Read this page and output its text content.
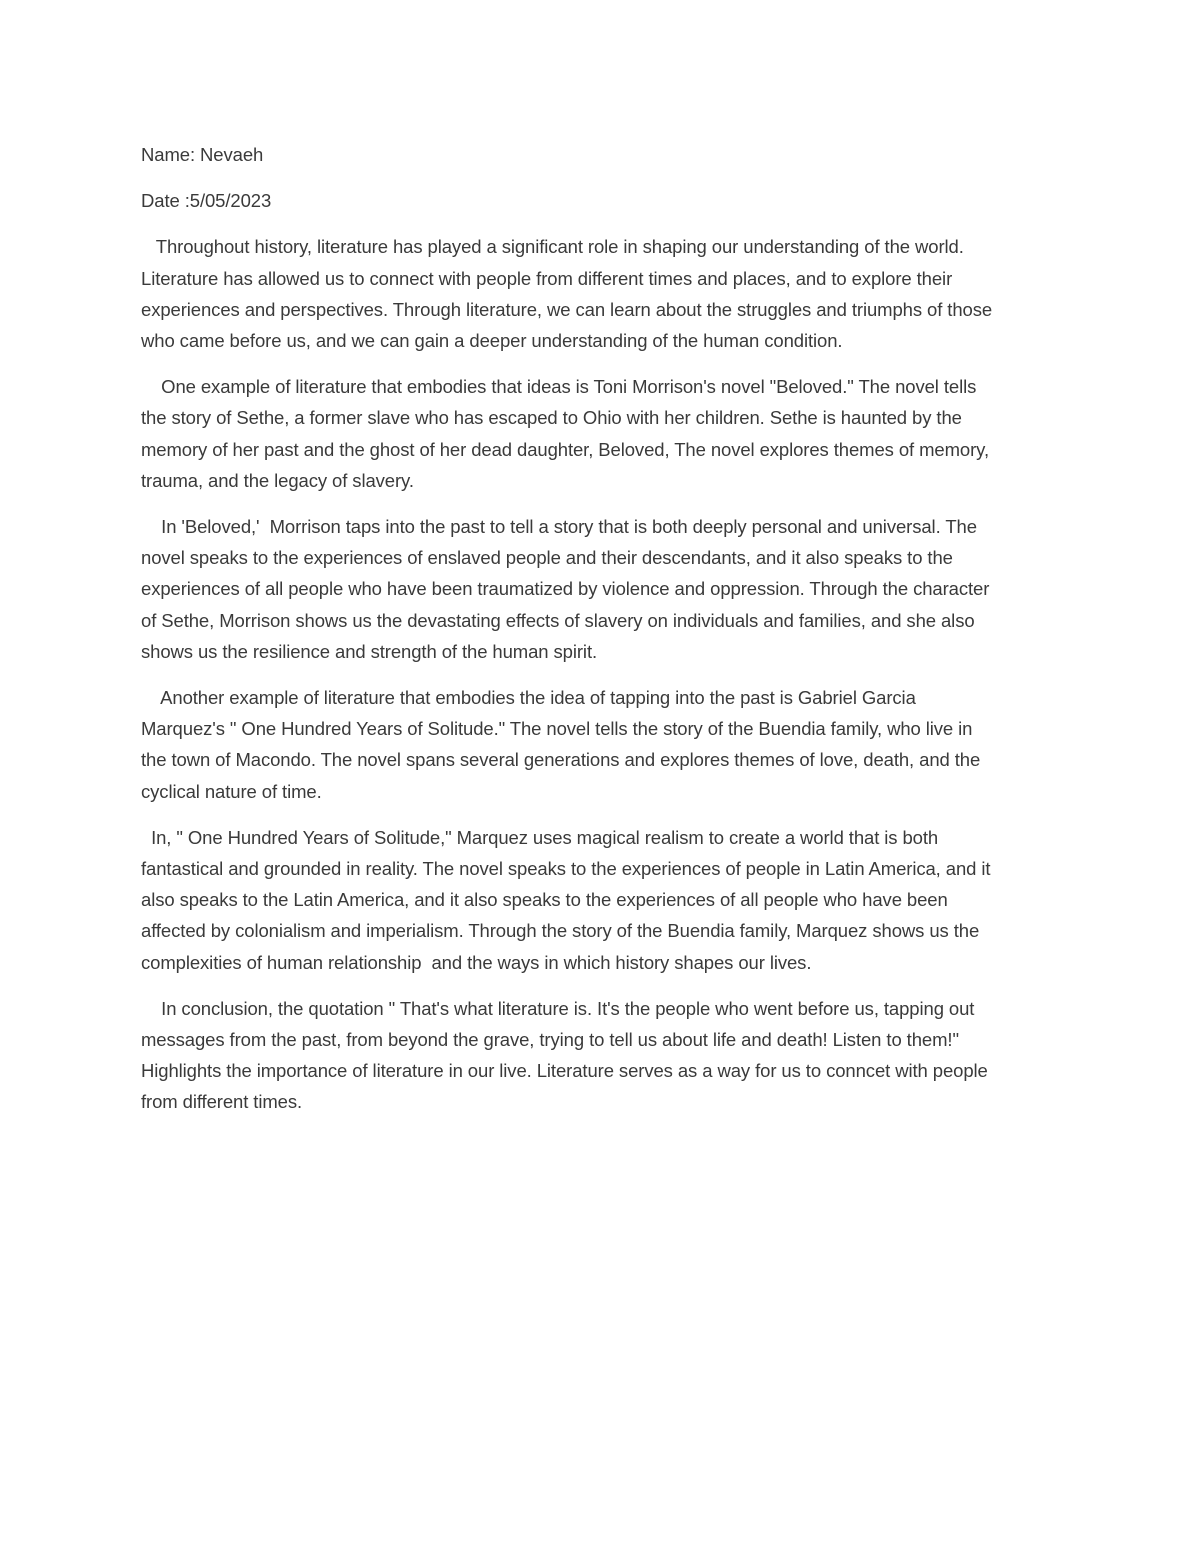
Name: Nevaeh

Date :5/05/2023

Throughout history, literature has played a significant role in shaping our understanding of the world.

Literature has allowed us to connect with people from different times and places, and to explore their

experiences and perspectives. Through literature, we can learn about the struggles and triumphs of those

who came before us, and we can gain a deeper understanding of the human condition.

One example of literature that embodies that ideas is Toni Morrison's novel "Beloved." The novel tells

the story of Sethe, a former slave who has escaped to Ohio with her children. Sethe is haunted by the

memory of her past and the ghost of her dead daughter, Beloved, The novel explores themes of memory,

trauma, and the legacy of slavery.

In 'Beloved,'  Morrison taps into the past to tell a story that is both deeply personal and universal. The

novel speaks to the experiences of enslaved people and their descendants, and it also speaks to the

experiences of all people who have been traumatized by violence and oppression. Through the character

of Sethe, Morrison shows us the devastating effects of slavery on individuals and families, and she also

shows us the resilience and strength of the human spirit.

Another example of literature that embodies the idea of tapping into the past is Gabriel Garcia

Marquez's " One Hundred Years of Solitude." The novel tells the story of the Buendia family, who live in

the town of Macondo. The novel spans several generations and explores themes of love, death, and the

cyclical nature of time.

In, " One Hundred Years of Solitude," Marquez uses magical realism to create a world that is both

fantastical and grounded in reality. The novel speaks to the experiences of people in Latin America, and it

also speaks to the Latin America, and it also speaks to the experiences of all people who have been

affected by colonialism and imperialism. Through the story of the Buendia family, Marquez shows us the

complexities of human relationship  and the ways in which history shapes our lives.

In conclusion, the quotation " That's what literature is. It's the people who went before us, tapping out

messages from the past, from beyond the grave, trying to tell us about life and death! Listen to them!"

Highlights the importance of literature in our live. Literature serves as a way for us to conncet with people

from different times.
